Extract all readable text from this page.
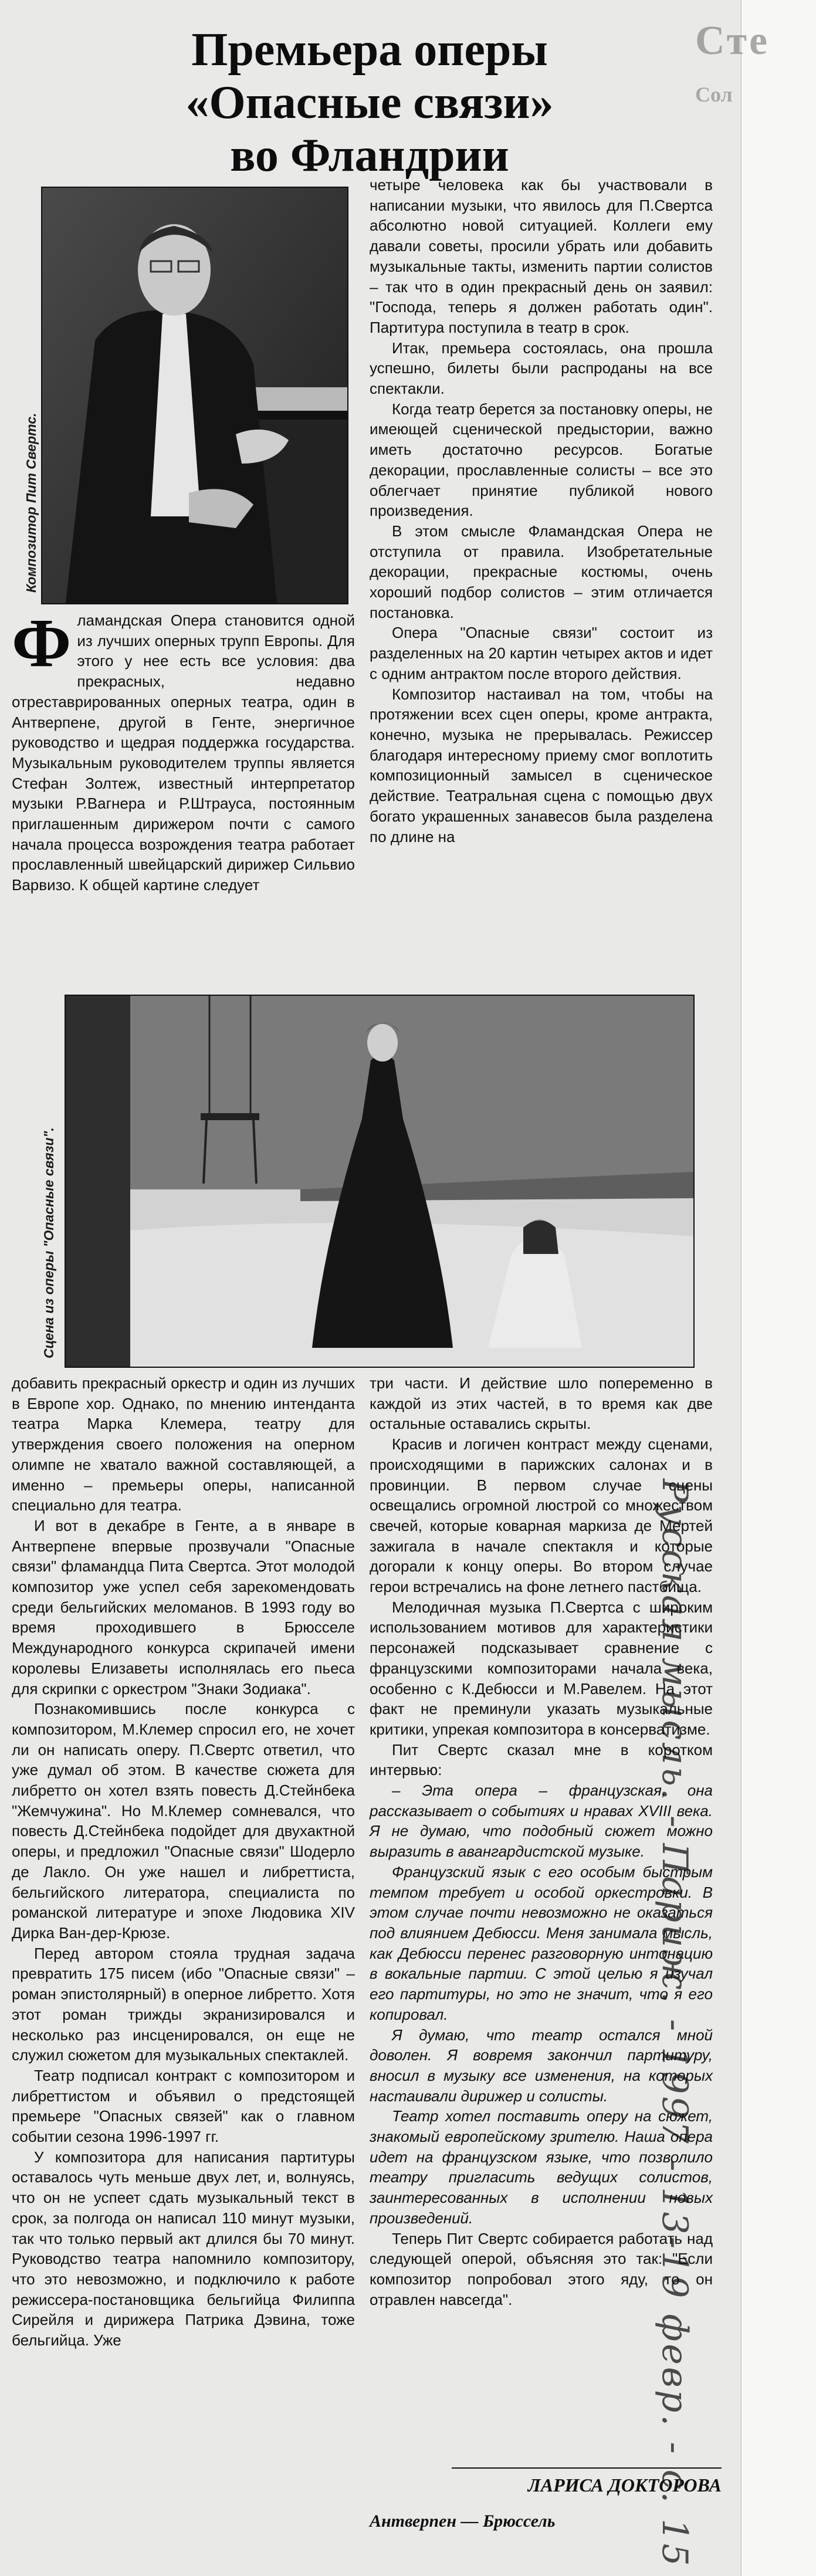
Сте
Сол
Премьера оперы
«Опасные связи»
во Фландрии
Композитор Пит Свертс.
Сцена из оперы "Опасные связи".
Русская мысль. - Париж. - 1997 - 13-19 февр. - с. 15

Фламандская Опера становится одной из лучших оперных трупп Европы. Для этого у нее есть все условия: два прекрасных, недавно отреставрированных оперных театра, один в Антверпене, другой в Генте, энергичное руководство и щедрая поддержка государства. Музыкальным руководителем труппы является Стефан Золтеж, известный интерпретатор музыки Р.Вагнера и Р.Штрауса, постоянным приглашенным дирижером почти с самого начала процесса возрождения театра работает прославленный швейцарский дирижер Сильвио Варвизо. К общей картине следует

четыре человека как бы участвовали в написании музыки, что явилось для П.Свертса абсолютно новой ситуацией. Коллеги ему давали советы, просили убрать или добавить музыкальные такты, изменить партии солистов – так что в один прекрасный день он заявил: "Господа, теперь я должен работать один". Партитура поступила в театр в срок.

Итак, премьера состоялась, она прошла успешно, билеты были распроданы на все спектакли.

Когда театр берется за постановку оперы, не имеющей сценической предыстории, важно иметь достаточно ресурсов. Богатые декорации, прославленные солисты – все это облегчает принятие публикой нового произведения.

В этом смысле Фламандская Опера не отступила от правила. Изобретательные декорации, прекрасные костюмы, очень хороший подбор солистов – этим отличается постановка.

Опера "Опасные связи" состоит из разделенных на 20 картин четырех актов и идет с одним антрактом после второго действия.

Композитор настаивал на том, чтобы на протяжении всех сцен оперы, кроме антракта, конечно, музыка не прерывалась. Режиссер благодаря интересному приему смог воплотить композиционный замысел в сценическое действие. Театральная сцена с помощью двух богато украшенных занавесов была разделена по длине на

добавить прекрасный оркестр и один из лучших в Европе хор. Однако, по мнению интенданта театра Марка Клемера, театру для утверждения своего положения на оперном олимпе не хватало важной составляющей, а именно – премьеры оперы, написанной специально для театра.

И вот в декабре в Генте, а в январе в Антверпене впервые прозвучали "Опасные связи" фламандца Пита Свертса. Этот молодой композитор уже успел себя зарекомендовать среди бельгийских меломанов. В 1993 году во время проходившего в Брюсселе Международного конкурса скрипачей имени королевы Елизаветы исполнялась его пьеса для скрипки с оркестром "Знаки Зодиака".

Познакомившись после конкурса с композитором, М.Клемер спросил его, не хочет ли он написать оперу. П.Свертс ответил, что уже думал об этом. В качестве сюжета для либретто он хотел взять повесть Д.Стейнбека "Жемчужина". Но М.Клемер сомневался, что повесть Д.Стейнбека подойдет для двухактной оперы, и предложил "Опасные связи" Шодерло де Лакло. Он уже нашел и либреттиста, бельгийского литератора, специалиста по романской литературе и эпохе Людовика XIV Дирка Ван-дер-Крюзе.

Перед автором стояла трудная задача превратить 175 писем (ибо "Опасные связи" – роман эпистолярный) в оперное либретто. Хотя этот роман трижды экранизировался и несколько раз инсценировался, он еще не служил сюжетом для музыкальных спектаклей.

Театр подписал контракт с композитором и либреттистом и объявил о предстоящей премьере "Опасных связей" как о главном событии сезона 1996-1997 гг.

У композитора для написания партитуры оставалось чуть меньше двух лет, и, волнуясь, что он не успеет сдать музыкальный текст в срок, за полгода он написал 110 минут музыки, так что только первый акт длился бы 70 минут. Руководство театра напомнило композитору, что это невозможно, и подключило к работе режиссера-постановщика бельгийца Филиппа Сирейля и дирижера Патрика Дэвина, тоже бельгийца. Уже

три части. И действие шло попеременно в каждой из этих частей, в то время как две остальные оставались скрыты.

Красив и логичен контраст между сценами, происходящими в парижских салонах и в провинции. В первом случае сцены освещались огромной люстрой со множеством свечей, которые коварная маркиза де Мертей зажигала в начале спектакля и которые догорали к концу оперы. Во втором случае герои встречались на фоне летнего пастбища.

Мелодичная музыка П.Свертса с широким использованием мотивов для характеристики персонажей подсказывает сравнение с французскими композиторами начала века, особенно с К.Дебюсси и М.Равелем. На этот факт не преминули указать музыкальные критики, упрекая композитора в консерватизме.

Пит Свертс сказал мне в коротком интервью:

– Эта опера – французская, она рассказывает о событиях и нравах XVIII века. Я не думаю, что подобный сюжет можно выразить в авангардистской музыке.

Французский язык с его особым быстрым темпом требует и особой оркестровки. В этом случае почти невозможно не оказаться под влиянием Дебюсси. Меня занимала мысль, как Дебюсси перенес разговорную интонацию в вокальные партии. С этой целью я изучал его партитуры, но это не значит, что я его копировал.

Я думаю, что театр остался мной доволен. Я вовремя закончил партитуру, вносил в музыку все изменения, на которых настаивали дирижер и солисты.

Театр хотел поставить оперу на сюжет, знакомый европейскому зрителю. Наша опера идет на французском языке, что позволило театру пригласить ведущих солистов, заинтересованных в исполнении новых произведений.

Теперь Пит Свертс собирается работать над следующей оперой, объясняя это так: "Если композитор попробовал этого яду, то он отравлен навсегда".

ЛАРИСА ДОКТОРОВА
Антверпен — Брюссель
